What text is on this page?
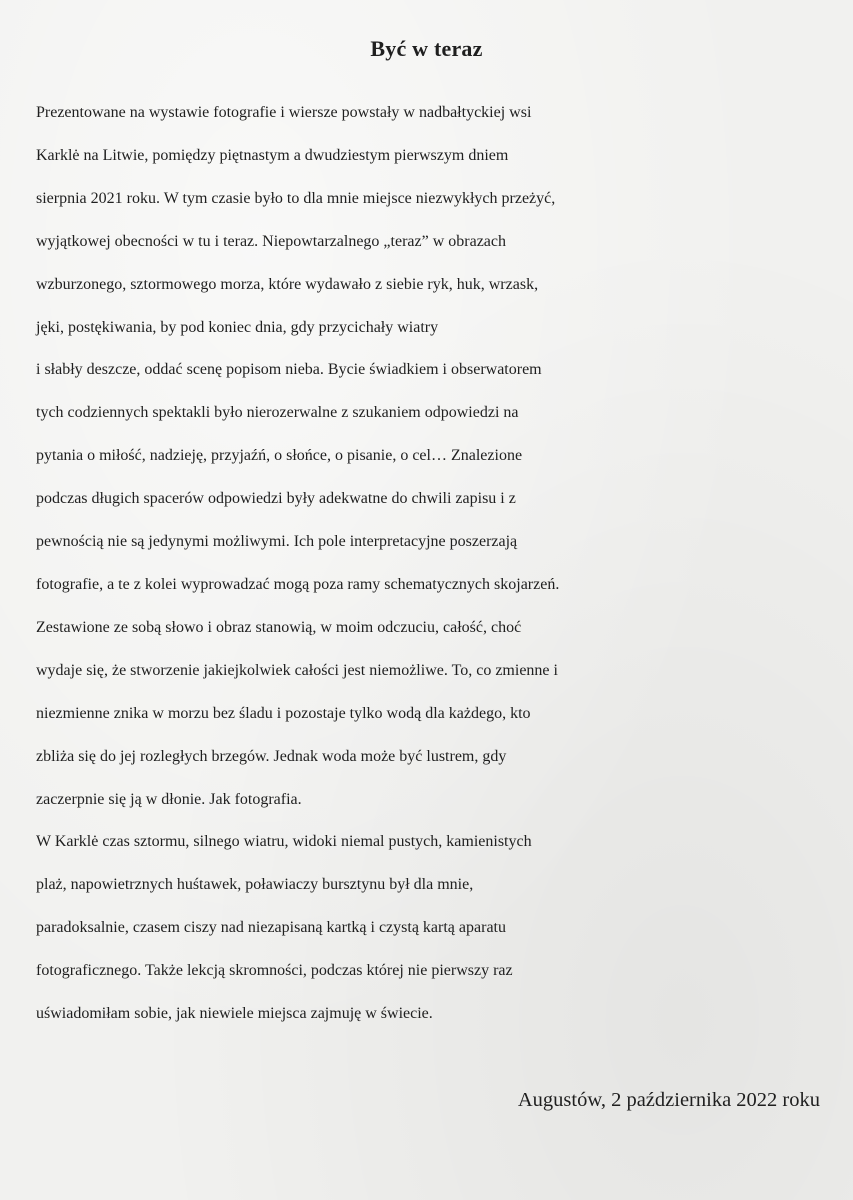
Być w teraz
Prezentowane na wystawie fotografie i wiersze powstały w nadbałtyckiej wsi
Karklė na Litwie, pomiędzy piętnastym a dwudziestym pierwszym dniem
sierpnia 2021 roku. W tym czasie było to dla mnie miejsce niezwykłych przeżyć,
wyjątkowej obecności w tu i teraz. Niepowtarzalnego „teraz” w obrazach
wzburzonego, sztormowego morza, które wydawało z siebie ryk, huk, wrzask,
jęki, postękiwania, by pod koniec dnia, gdy przycichały wiatry
i słabły deszcze, oddać scenę popisom nieba. Bycie świadkiem i obserwatorem
tych codziennych spektakli było nierozerwalne z szukaniem odpowiedzi na
pytania o miłość, nadzieję, przyjaźń, o słońce, o pisanie, o cel… Znalezione
podczas długich spacerów odpowiedzi były adekwatne do chwili zapisu i z
pewnością nie są jedynymi możliwymi. Ich pole interpretacyjne poszerzają
fotografie, a te z kolei wyprowadzać mogą poza ramy schematycznych skojarzeń.
Zestawione ze sobą słowo i obraz stanowią, w moim odczuciu, całość, choć
wydaje się, że stworzenie jakiejkolwiek całości jest niemożliwe. To, co zmienne i
niezmienne znika w morzu bez śladu i pozostaje tylko wodą dla każdego, kto
zbliża się do jej rozległych brzegów. Jednak woda może być lustrem, gdy
zaczerpnie się ją w dłonie. Jak fotografia.
W Karklė czas sztormu, silnego wiatru, widoki niemal pustych, kamienistych
plaż, napowietrznych huśtawek, poławiaczy bursztynu był dla mnie,
paradoksalnie, czasem ciszy nad niezapisaną kartką i czystą kartą aparatu
fotograficznego. Także lekcją skromności, podczas której nie pierwszy raz
uświadomiłam sobie, jak niewiele miejsca zajmuję w świecie.
Augustów, 2 października 2022 roku
